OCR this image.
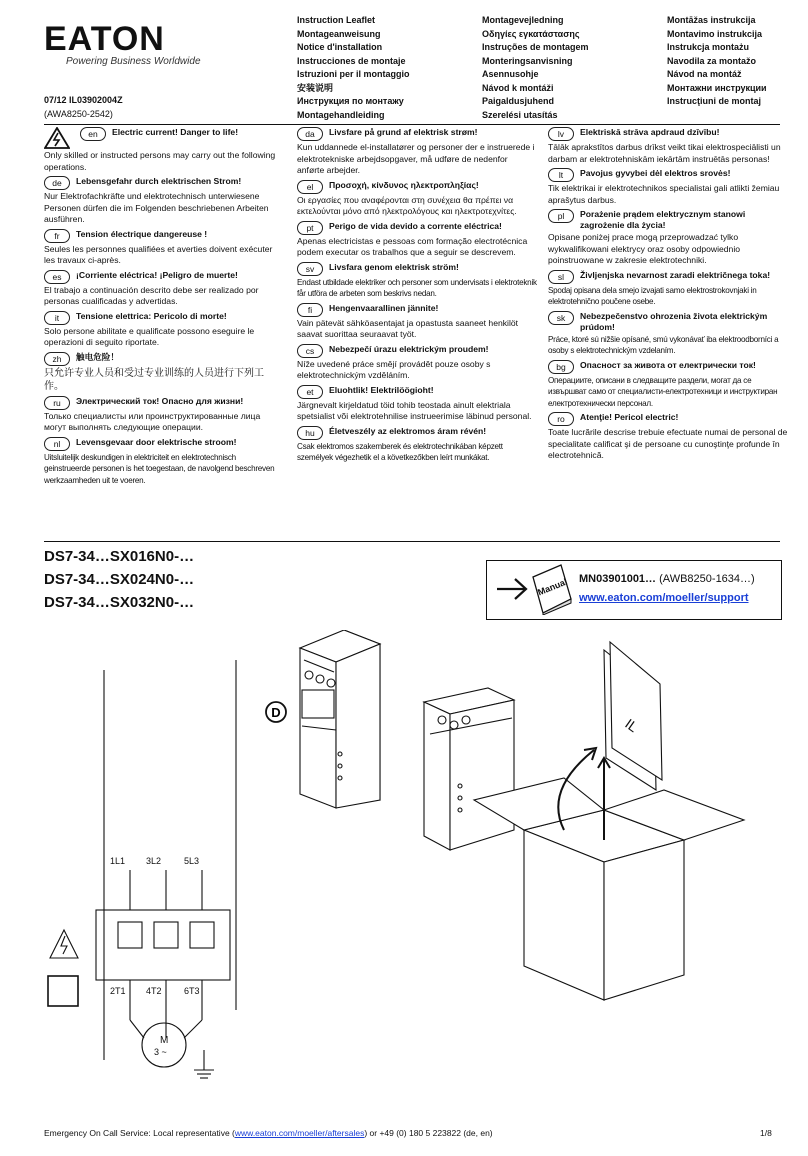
EATON
Powering Business Worldwide
07/12 IL03902004Z
(AWA8250-2542)
Instruction Leaflet
Montageanweisung
Notice d'installation
Instrucciones de montaje
Istruzioni per il montaggio
安装说明
Инструкция по монтажу
Montagehandleiding
Montagevejledning
Οδηγίες εγκατάστασης
Instruções de montagem
Monteringsanvisning
Asennusohje
Návod k montáži
Paigaldusjuhend
Szerelési utasítás
Montāžas instrukcija
Montavimo instrukcija
Instrukcja montażu
Navodila za montažo
Návod na montáž
Монтажни инструкции
Instrucţiuni de montaj
en	Electric current! Danger to life!
Only skilled or instructed persons may carry out the following operations.
de	Lebensgefahr durch elektrischen Strom!
Nur Elektrofachkräfte und elektrotechnisch unterwiesene Personen dürfen die im Folgenden beschriebenen Arbeiten ausführen.
fr	Tension électrique dangereuse !
Seules les personnes qualifiées et averties doivent exécuter les travaux ci-après.
es	¡Corriente eléctrica! ¡Peligro de muerte!
El trabajo a continuación descrito debe ser realizado por personas cualificadas y advertidas.
it	Tensione elettrica: Pericolo di morte!
Solo persone abilitate e qualificate possono eseguire le operazioni di seguito riportate.
zh	触电危险！
只允许专业人员和受过专业训练的人员进行下列工作。
ru	Электрический ток! Опасно для жизни!
Только специалисты или проинструктированные лица могут выполнять следующие операции.
nl	Levensgevaar door elektrische stroom!
Uitsluitelijk deskundigen in elektriciteit en elektrotechnisch geinstrueerde personen is het toegestaan, de navolgend beschreven werkzaamheden uit te voeren.
da	Livsfare på grund af elektrisk strøm!
Kun uddannede el-installatører og personer der e instruerede i elektrotekniske arbejdsopgaver, må udføre de nedenfor anførte arbejder.
el	Προσοχή, κίνδυνος ηλεκτροπληξίας!
Οι εργασίες που αναφέρονται στη συνέχεια θα πρέπει να εκτελούνται μόνο από ηλεκτρολόγους και ηλεκτροτεχνίτες.
pt	Perigo de vida devido a corrente eléctrica!
Apenas electricistas e pessoas com formação electrotécnica podem executar os trabalhos que a seguir se descrevem.
sv	Livsfara genom elektrisk ström!
Endast utbildade elektriker och personer som undervisats i elektroteknik får utföra de arbeten som beskrivs nedan.
fi	Hengenvaarallinen jännite!
Vain pätevät sähköasentajat ja opastusta saaneet henkilöt saavat suorittaa seuraavat työt.
cs	Nebezpečí úrazu elektrickým proudem!
Níže uvedené práce smějí provádět pouze osoby s elektrotechnickým vzděláním.
et	Eluohtlik! Elektrilöögioht!
Järgnevalt kirjeldatud töid tohib teostada ainult elektriala spetsialist või elektrotehnilise instrueerimise läbinud personal.
hu	Életveszély az elektromos áram révén!
Csak elektromos szakemberek és elektrotechnikában képzett személyek végezhetik el a következőkben leírt munkákat.
lv	Elektriskā strāva apdraud dzīvību!
Tālāk aprakstītos darbus drīkst veikt tikai elektrospeciālisti un darbam ar elektrotehniskām iekārtām instruētās personas!
lt	Pavojus gyvybei dėl elektros srovės!
Tik elektrikai ir elektrotechnikos specialistai gali atlikti žemiau aprašytus darbus.
pl	Porażenie prądem elektrycznym stanowi zagrożenie dla życia!
Opisane poniżej prace mogą przeprowadzać tylko wykwalifikowani elektrycy oraz osoby odpowiednio poinstruowane w zakresie elektrotechniki.
sl	Življenjska nevarnost zaradi električnega toka!
Spodaj opisana dela smejo izvajati samo elektrostrokovnjaki in elektrotehnično poučene osebe.
sk	Nebezpečenstvo ohrozenia života elektrickým prúdom!
Práce, ktoré sú nižšie opísané, smú vykonávať iba elektroodborníci a osoby s elektrotechnickým vzdelaním.
bg	Опасност за живота от електрически ток!
Операциите, описани в следващите раздели, могат да се извършват само от специалисти-електротехници и инструктиран електротехнически персонал.
ro	Atenţie! Pericol electric!
Toate lucrările descrise trebuie efectuate numai de personal de specialitate calificat şi de persoane cu cunoştinţe profunde în electrotehnică.
DS7-34…SX016N0-…
DS7-34…SX024N0-…
DS7-34…SX032N0-…
Manual MN03901001… (AWB8250-1634…)
www.eaton.com/moeller/support
D
IL
1L1 3L2	5L3
2T1 4T2 6T3
M
3 ~
Emergency On Call Service: Local representative (www.eaton.com/moeller/aftersales) or +49 (0) 180 5 223822 (de, en)	1/8
